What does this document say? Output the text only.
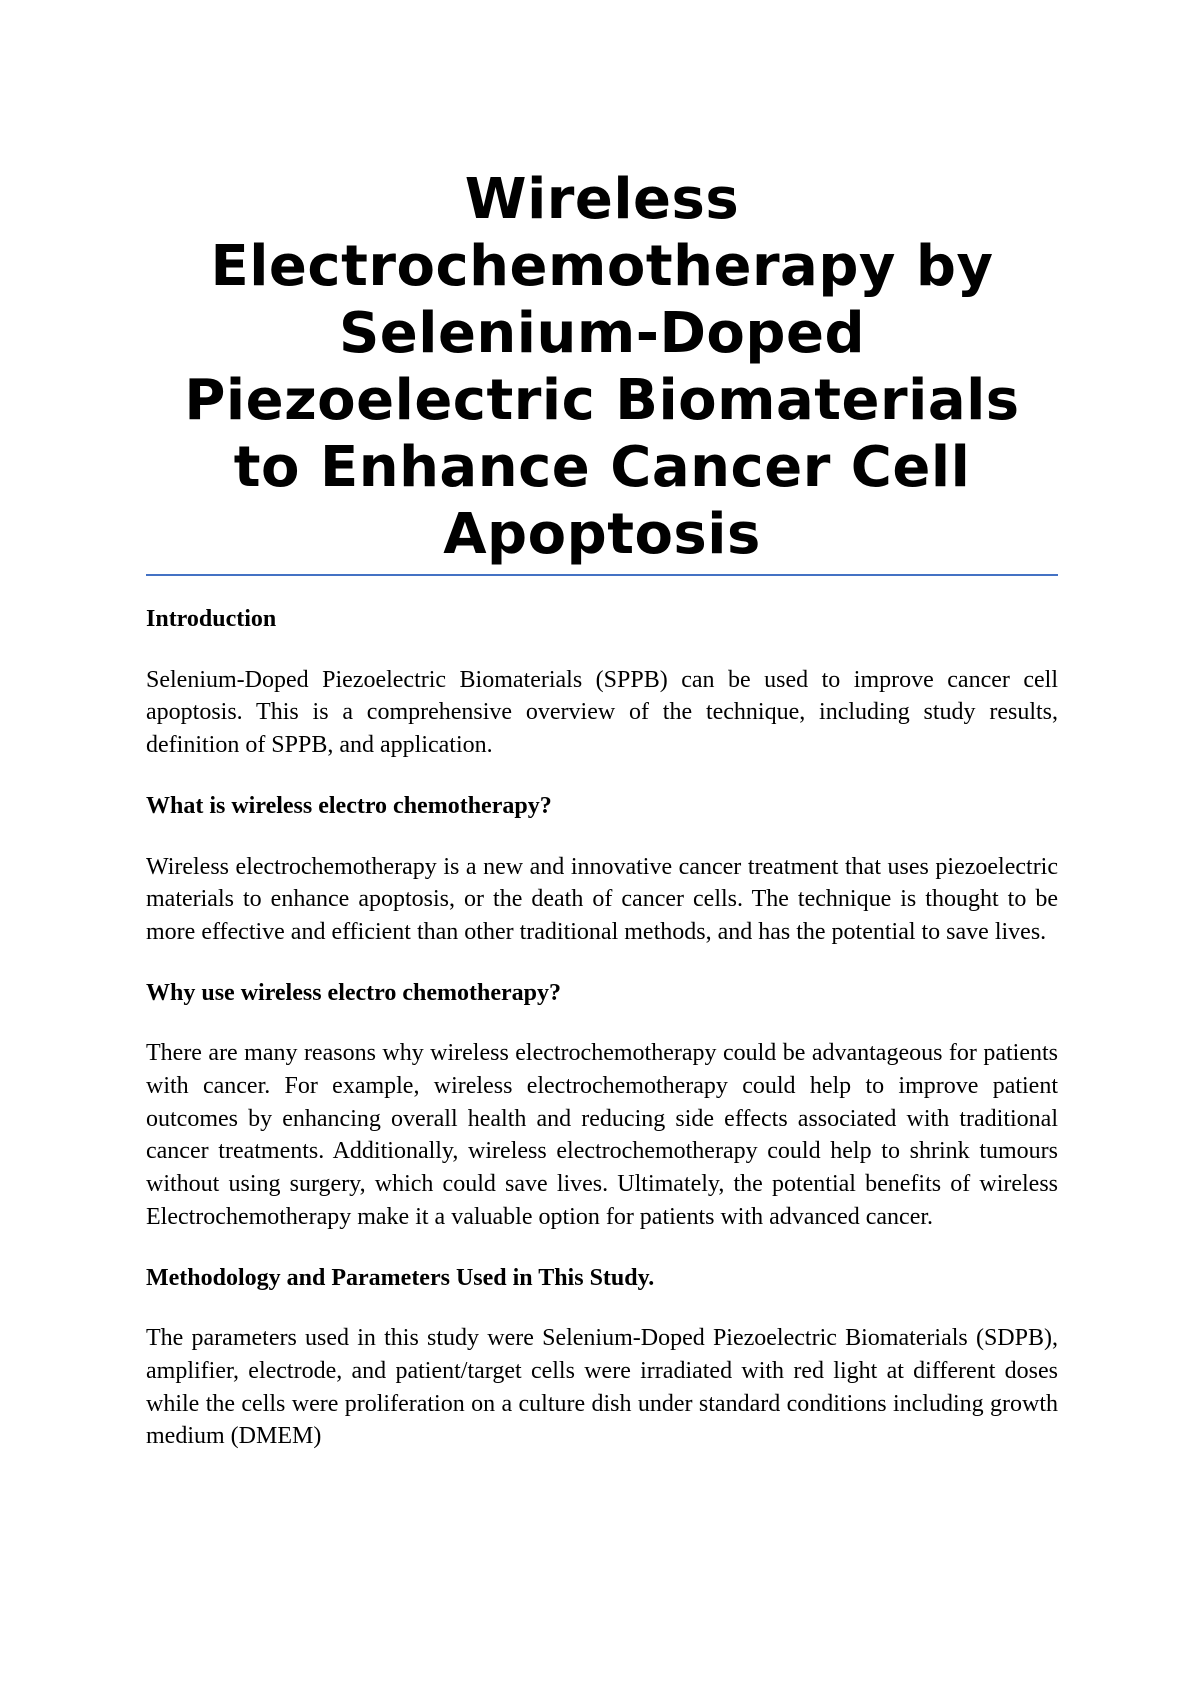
Wireless Electrochemotherapy by Selenium-Doped Piezoelectric Biomaterials to Enhance Cancer Cell Apoptosis
Introduction

Selenium-Doped Piezoelectric Biomaterials (SPPB) can be used to improve cancer cell apoptosis. This is a comprehensive overview of the technique, including study results, definition of SPPB, and application.

What is wireless electro chemotherapy?

Wireless electrochemotherapy is a new and innovative cancer treatment that uses piezoelectric materials to enhance apoptosis, or the death of cancer cells. The technique is thought to be more effective and efficient than other traditional methods, and has the potential to save lives.

Why use wireless electro chemotherapy?

There are many reasons why wireless electrochemotherapy could be advantageous for patients with cancer. For example, wireless electrochemotherapy could help to improve patient outcomes by enhancing overall health and reducing side effects associated with traditional cancer treatments. Additionally, wireless electrochemotherapy could help to shrink tumours without using surgery, which could save lives. Ultimately, the potential benefits of wireless Electrochemotherapy make it a valuable option for patients with advanced cancer.

Methodology and Parameters Used in This Study.

The parameters used in this study were Selenium-Doped Piezoelectric Biomaterials (SDPB), amplifier, electrode, and patient/target cells were irradiated with red light at different doses while the cells were proliferation on a culture dish under standard conditions including growth medium (DMEM)
